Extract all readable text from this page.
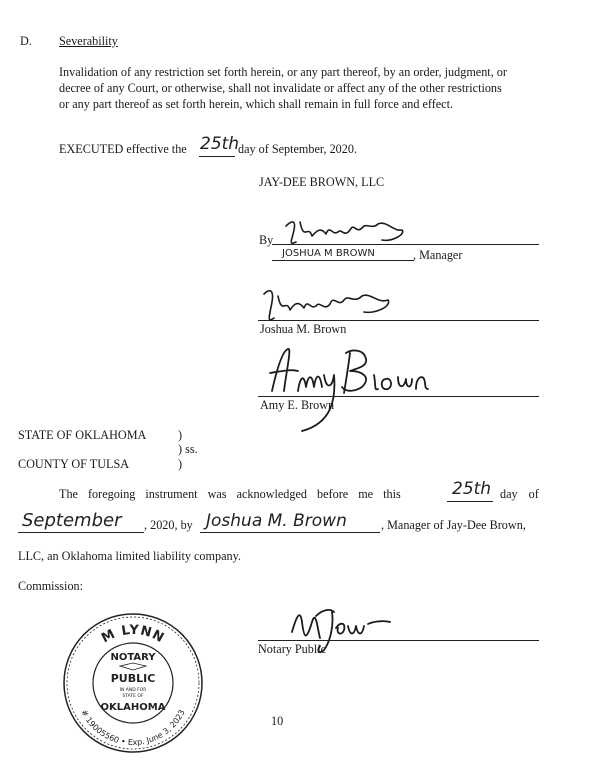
D. Severability
Invalidation of any restriction set forth herein, or any part thereof, by an order, judgment, or
decree of any Court, or otherwise, shall not invalidate or affect any of the other restrictions
or any part thereof as set forth herein, which shall remain in full force and effect.
EXECUTED effective the 25th
day of September, 2020.
JAY-DEE BROWN, LLC
By
JOSHUA M BROWN	, Manager
Joshua M. Brown
Amy E. Brown
STATE OF OKLAHOMA	)
) ss.
COUNTY OF TULSA	)
The foregoing instrument was acknowledged before me this	25th day of
September , 2020, by Joshua M. Brown	, Manager of Jay-Dee Brown,
LLC, an Oklahoma limited liability company.
Commission:
Notary Public
M LYNN
NOTARY
PUBLIC
IN AND FOR
STATE OF
OKLAHOMA
# 19005560 • Exp. June 3, 2023
10
